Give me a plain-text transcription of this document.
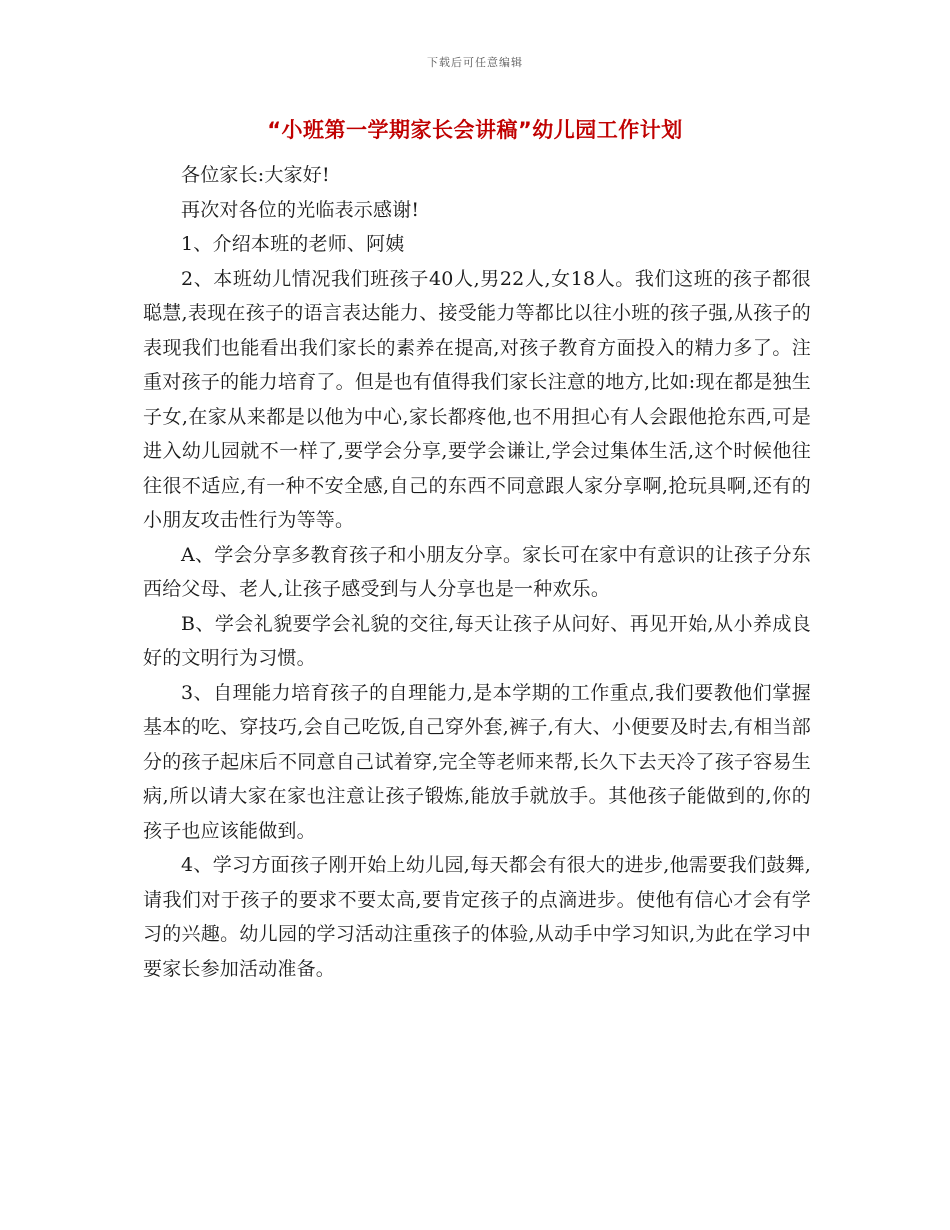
下载后可任意编辑
“小班第一学期家长会讲稿”幼儿园工作计划

各位家长:大家好!

再次对各位的光临表示感谢!

1、介绍本班的老师、阿姨

2、本班幼儿情况我们班孩子40人,男22人,女18人。我们这班的孩子都很聪慧,表现在孩子的语言表达能力、接受能力等都比以往小班的孩子强,从孩子的表现我们也能看出我们家长的素养在提高,对孩子教育方面投入的精力多了。注重对孩子的能力培育了。但是也有值得我们家长注意的地方,比如:现在都是独生子女,在家从来都是以他为中心,家长都疼他,也不用担心有人会跟他抢东西,可是进入幼儿园就不一样了,要学会分享,要学会谦让,学会过集体生活,这个时候他往往很不适应,有一种不安全感,自己的东西不同意跟人家分享啊,抢玩具啊,还有的小朋友攻击性行为等等。

A、学会分享多教育孩子和小朋友分享。家长可在家中有意识的让孩子分东西给父母、老人,让孩子感受到与人分享也是一种欢乐。

B、学会礼貌要学会礼貌的交往,每天让孩子从问好、再见开始,从小养成良好的文明行为习惯。

3、自理能力培育孩子的自理能力,是本学期的工作重点,我们要教他们掌握基本的吃、穿技巧,会自己吃饭,自己穿外套,裤子,有大、小便要及时去,有相当部分的孩子起床后不同意自己试着穿,完全等老师来帮,长久下去天冷了孩子容易生病,所以请大家在家也注意让孩子锻炼,能放手就放手。其他孩子能做到的,你的孩子也应该能做到。

4、学习方面孩子刚开始上幼儿园,每天都会有很大的进步,他需要我们鼓舞,请我们对于孩子的要求不要太高,要肯定孩子的点滴进步。使他有信心才会有学习的兴趣。幼儿园的学习活动注重孩子的体验,从动手中学习知识,为此在学习中要家长参加活动准备。
